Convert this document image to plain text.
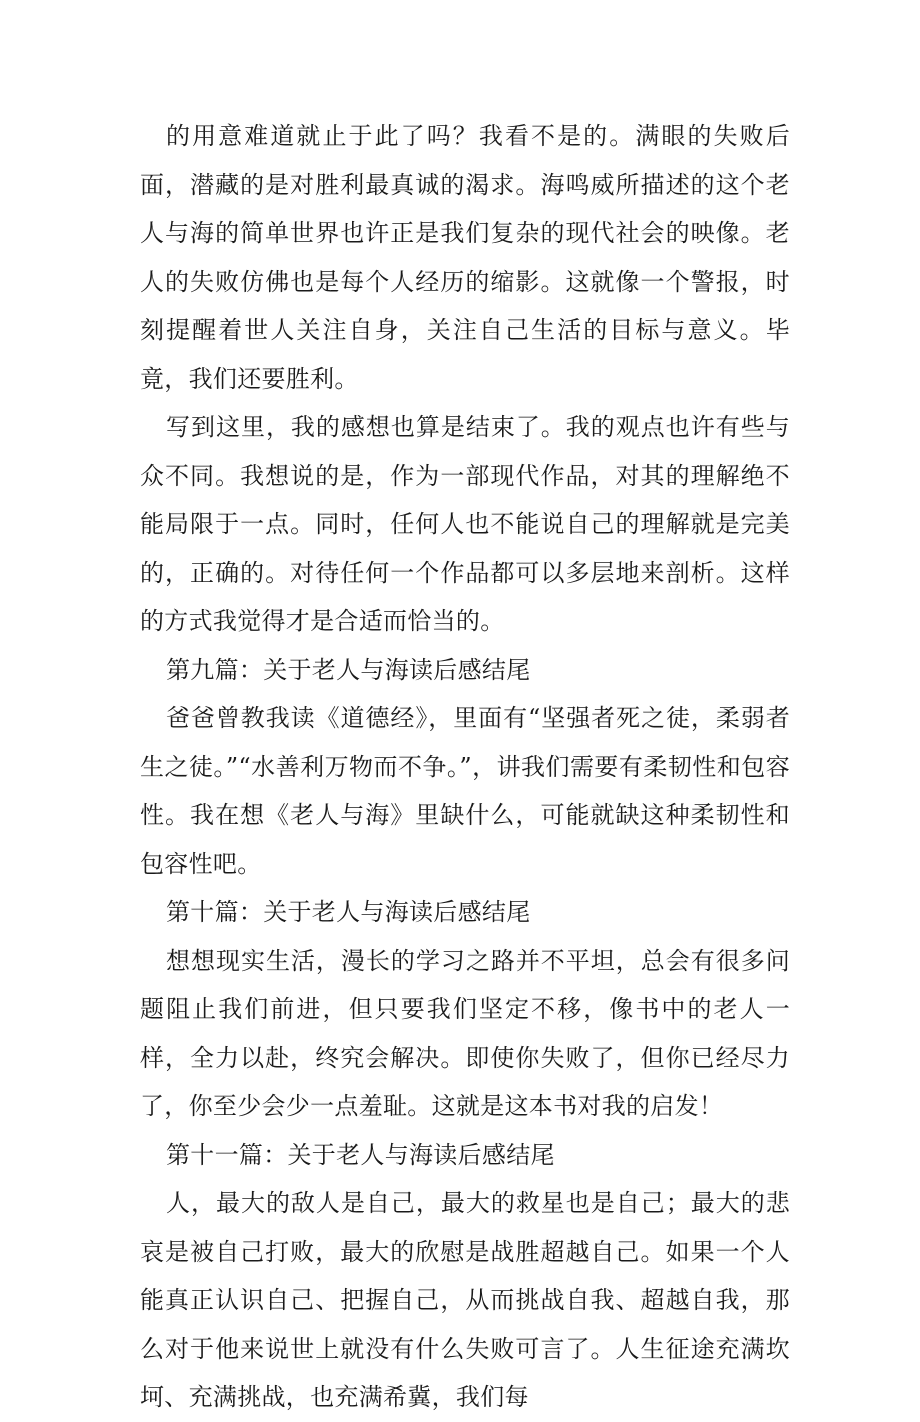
的用意难道就止于此了吗？我看不是的。满眼的失败后面，潜藏的是对胜利最真诚的渴求。海鸣威所描述的这个老人与海的简单世界也许正是我们复杂的现代社会的映像。老人的失败仿佛也是每个人经历的缩影。这就像一个警报，时刻提醒着世人关注自身，关注自己生活的目标与意义。毕竟，我们还要胜利。

写到这里，我的感想也算是结束了。我的观点也许有些与众不同。我想说的是，作为一部现代作品，对其的理解绝不能局限于一点。同时，任何人也不能说自己的理解就是完美的，正确的。对待任何一个作品都可以多层地来剖析。这样的方式我觉得才是合适而恰当的。

第九篇：关于老人与海读后感结尾

爸爸曾教我读《道德经》，里面有“坚强者死之徒，柔弱者生之徒。”“水善利万物而不争。”，讲我们需要有柔韧性和包容性。我在想《老人与海》里缺什么，可能就缺这种柔韧性和包容性吧。

第十篇：关于老人与海读后感结尾

想想现实生活，漫长的学习之路并不平坦，总会有很多问题阻止我们前进，但只要我们坚定不移，像书中的老人一样，全力以赴，终究会解决。即使你失败了，但你已经尽力了，你至少会少一点羞耻。这就是这本书对我的启发！

第十一篇：关于老人与海读后感结尾

人，最大的敌人是自己，最大的救星也是自己；最大的悲哀是被自己打败，最大的欣慰是战胜超越自己。如果一个人能真正认识自己、把握自己，从而挑战自我、超越自我，那么对于他来说世上就没有什么失败可言了。人生征途充满坎坷、充满挑战，也充满希冀，我们每
